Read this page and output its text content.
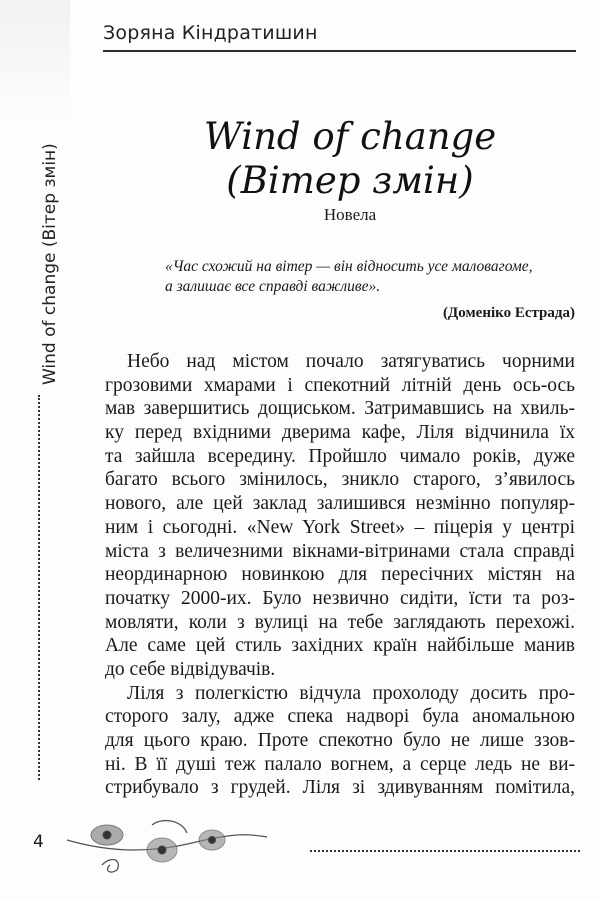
Зоряна Кіндратишин
Wind of change
(Вітер змін)
Новела
«Час схожий на вітер — він відносить усе маловагоме,
а залишає все справді важливе».
(Доменіко Естрада)
Небо над містом почало затягуватись чорними
грозовими хмарами і спекотний літній день ось-ось
мав завершитись дощиськом. Затримавшись на хвиль-
ку перед вхідними дверима кафе, Ліля відчинила їх
та зайшла всередину. Пройшло чимало років, дуже
багато всього змінилось, зникло старого, з’явилось
нового, але цей заклад залишився незмінно популяр-
ним і сьогодні. «New York Street» – піцерія у центрі
міста з величезними вікнами-вітринами стала справді
неординарною новинкою для пересічних містян на
початку 2000-их. Було незвично сидіти, їсти та роз-
мовляти, коли з вулиці на тебе заглядають перехожі.
Але саме цей стиль західних країн найбільше манив
до себе відвідувачів.
Ліля з полегкістю відчула прохолоду досить про-
сторого залу, адже спека надворі була аномальною
для цього краю. Проте спекотно було не лише ззов-
ні. В її душі теж палало вогнем, а серце ледь не ви-
стрибувало з грудей. Ліля зі здивуванням помітила,
Wind of change (Вітер змін)
4
